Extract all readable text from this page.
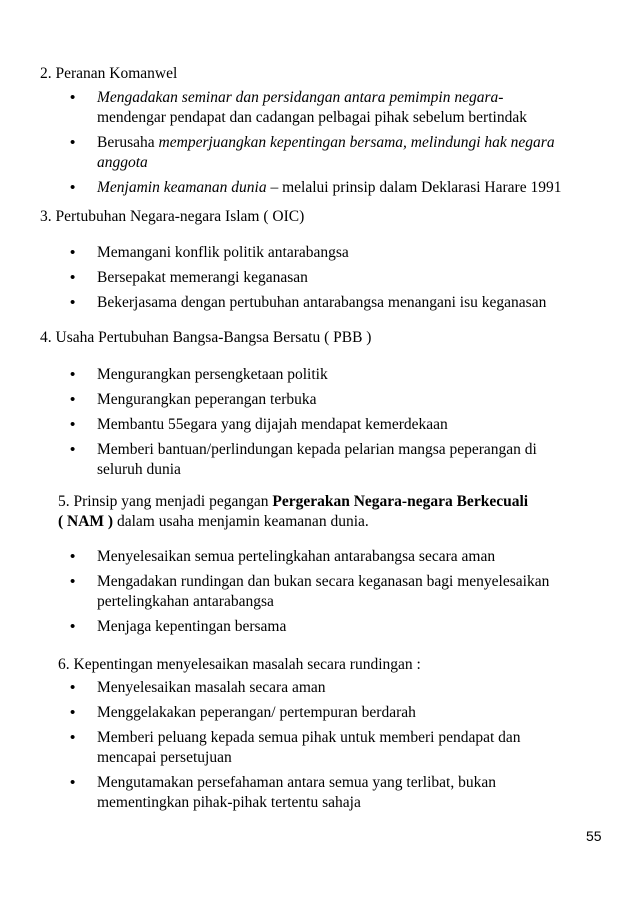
2. Peranan Komanwel
• Mengadakan seminar dan persidangan antara pemimpin negara-
mendengar pendapat dan cadangan pelbagai pihak sebelum bertindak
• Berusaha memperjuangkan kepentingan bersama, melindungi hak negara
anggota
• Menjamin keamanan dunia – melalui prinsip dalam Deklarasi Harare 1991
3. Pertubuhan Negara-negara Islam ( OIC)
• Memangani konflik politik antarabangsa
• Bersepakat memerangi keganasan
• Bekerjasama dengan pertubuhan antarabangsa menangani isu keganasan
4. Usaha Pertubuhan Bangsa-Bangsa Bersatu ( PBB )
• Mengurangkan persengketaan politik
• Mengurangkan peperangan terbuka
• Membantu 55egara yang dijajah mendapat kemerdekaan
• Memberi bantuan/perlindungan kepada pelarian mangsa peperangan di seluruh dunia
5. Prinsip yang menjadi pegangan Pergerakan Negara-negara Berkecuali
( NAM ) dalam usaha menjamin keamanan dunia.
• Menyelesaikan semua pertelingkahan antarabangsa secara aman
• Mengadakan rundingan dan bukan secara keganasan bagi menyelesaikan pertelingkahan antarabangsa
• Menjaga kepentingan bersama
6. Kepentingan menyelesaikan masalah secara rundingan :
• Menyelesaikan masalah secara aman
• Menggelakakan peperangan/ pertempuran berdarah
• Memberi peluang kepada semua pihak untuk memberi pendapat dan mencapai persetujuan
• Mengutamakan persefahaman antara semua yang terlibat, bukan mementingkan pihak-pihak tertentu sahaja
55
